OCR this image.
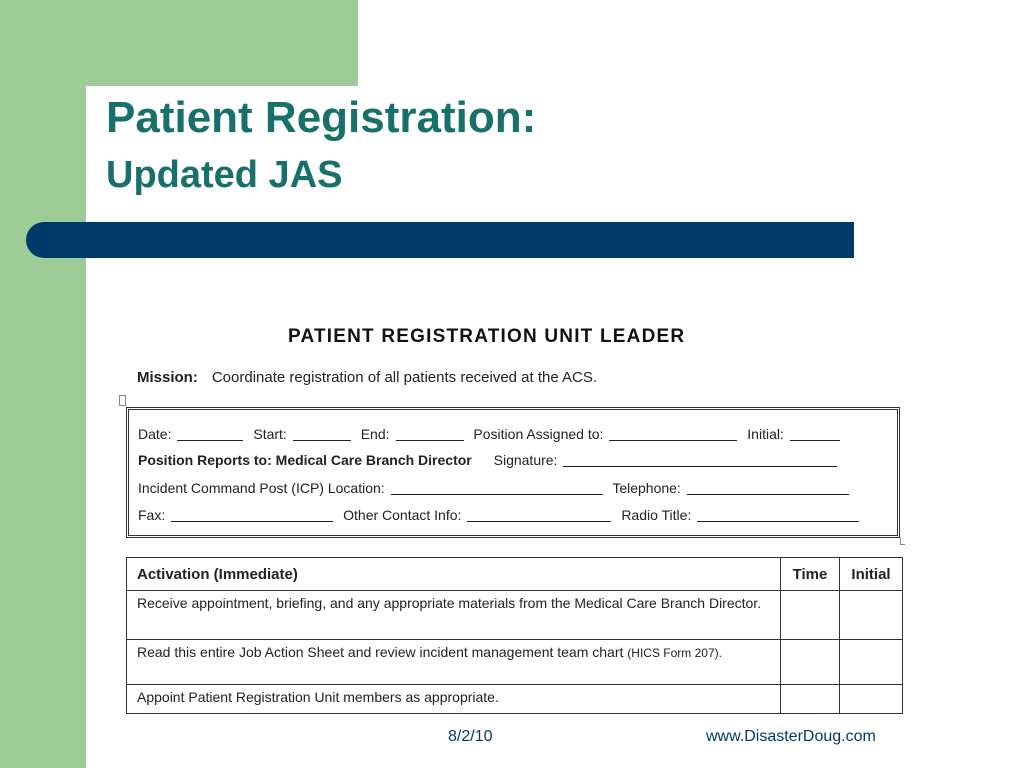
Patient Registration:
Updated JAS
PATIENT REGISTRATION UNIT LEADER
Mission: Coordinate registration of all patients received at the ACS.
Date:	Start:	End:	Position Assigned to:	Initial:
Position Reports to: Medical Care Branch Director Signature:
Incident Command Post (ICP) Location:	Telephone:
Fax:	Other Contact Info:	Radio Title:
Activation (Immediate)	Time	Initial
Receive appointment, briefing, and any appropriate materials from the Medical Care Branch Director.		
Read this entire Job Action Sheet and review incident management team chart (HICS Form 207).		
Appoint Patient Registration Unit members as appropriate.		
8/2/10	www.DisasterDoug.com
